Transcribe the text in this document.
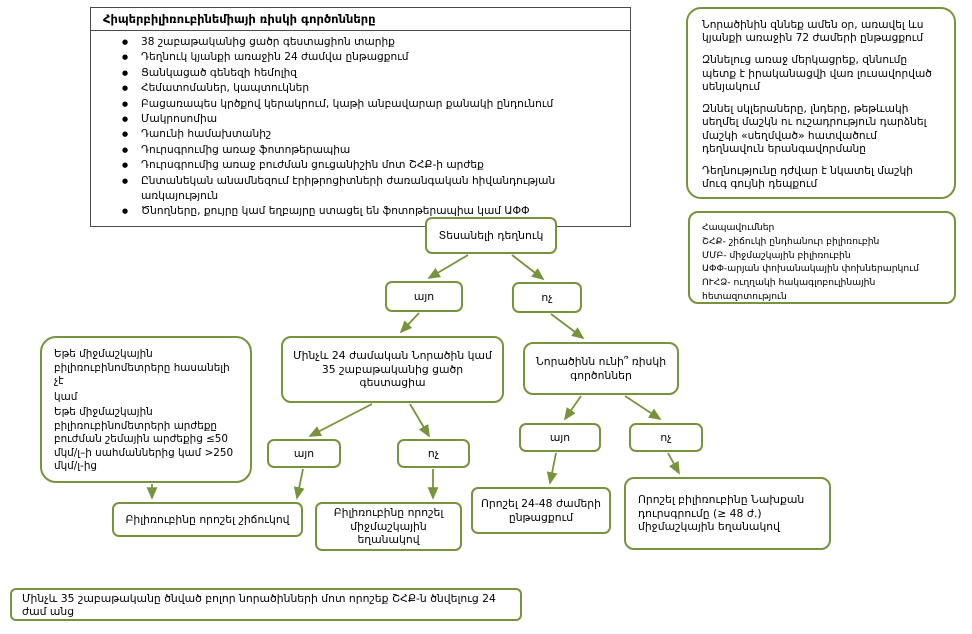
Հիպերբիլիռուբինեմիայի ռիսկի գործոնները
● 38 շաբաթականից ցածր գեստացիոն տարիք
● Դեղնուկ կյանքի առաջին 24 ժամվա ընթացքում
● Ցանկացած գենեզի հեմոլիզ
● Հեմատոմաներ, կապտուկներ
● Բացառապես կրծքով կերակրում, կաթի անբավարար քանակի ընդունում
● Մակրոսոմիա
● Դաունի համախտանիշ
● Դուրսգրումից առաջ ֆոտոթերապիա
● Դուրսգրումից առաջ բուժման ցուցանիշին մոտ ՇՀՔ-ի արժեք
● Ընտանեկան անամնեզում էրիթրոցիտների ժառանգական հիվանդության առկայություն
● Ծնողները, քույրը կամ եղբայրը ստացել են ֆոտոթերապիա կամ ԱՓՓ

Նորածինին զննեք ամեն օր, առավել ևս կյանքի առաջին 72 ժամերի ընթացքում

Զննելուց առաջ մերկացրեք, զննումը պետք է իրականացվի վառ լուսավորված սենյակում

Զննել սկլերաները, լնդերը, թեթևակի սեղմել մաշկն ու ուշադրություն դարձնել մաշկի «սեղմված» հատվածում դեղնավուն երանգավորմանը

Դեղնությունը դժվար է նկատել մաշկի մուգ գույնի դեպքում

Հապավումներ
ՇՀՔ- շիճուկի ընդհանուր բիլիռուբին
ՄՄԲ- միջմաշկային բիլիռուբին
ԱՓՓ-արյան փոխանակային փոխներարկում
ՈՒՀՁ- ուղղակի հակագլոբուլինային հետազոտություն
Տեսանելի դեղնուկ
այո	ոչ
Մինչև 24 ժամական Նորածին կամ 35 շաբաթականից ցածր գեստացիա
Նորածինն ունի՞ ռիսկի գործոններ
Եթե միջմաշկային բիլիռուբինոմետրերը հասանելի չէ
կամ
Եթե միջմաշկային բիլիռուբինոմետրերի արժեքը բուժման շեմային արժեքից ≤50 մկմ/լ–ի սահմաններից կամ >250 մկմ/լ-ից
այո	ոչ
այո	ոչ
Բիլիռուբինը որոշել շիճուկով	Բիլիռուբինը որոշել միջմաշկային եղանակով
Որոշել 24-48 ժամերի ընթացքում
Որոշել բիլիռուբինը Նախքան դուրսգրումը (≥ 48 ժ.) միջմաշկային եղանակով
Մինչև 35 շաբաթականը ծնված բոլոր նորածինների մոտ որոշեք ՇՀՔ-ն ծնվելուց 24 ժամ անց
